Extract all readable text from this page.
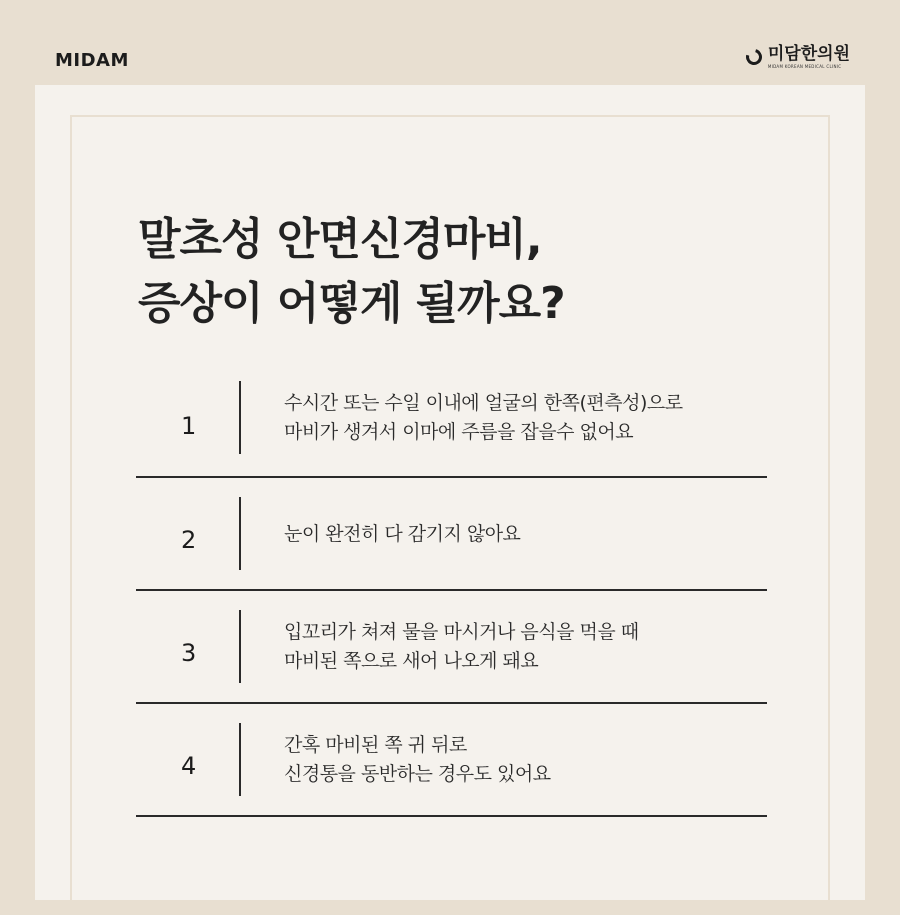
MIDAM	미담한의원
MIDAM KOREAN MEDICAL CLINIC
말초성 안면신경마비,
증상이 어떻게 될까요?
1
수시간 또는 수일 이내에 얼굴의 한쪽(편측성)으로
마비가 생겨서 이마에 주름을 잡을수 없어요
2	눈이 완전히 다 감기지 않아요
3
입꼬리가 쳐져 물을 마시거나 음식을 먹을 때
마비된 쪽으로 새어 나오게 돼요
4
간혹 마비된 쪽 귀 뒤로
신경통을 동반하는 경우도 있어요
